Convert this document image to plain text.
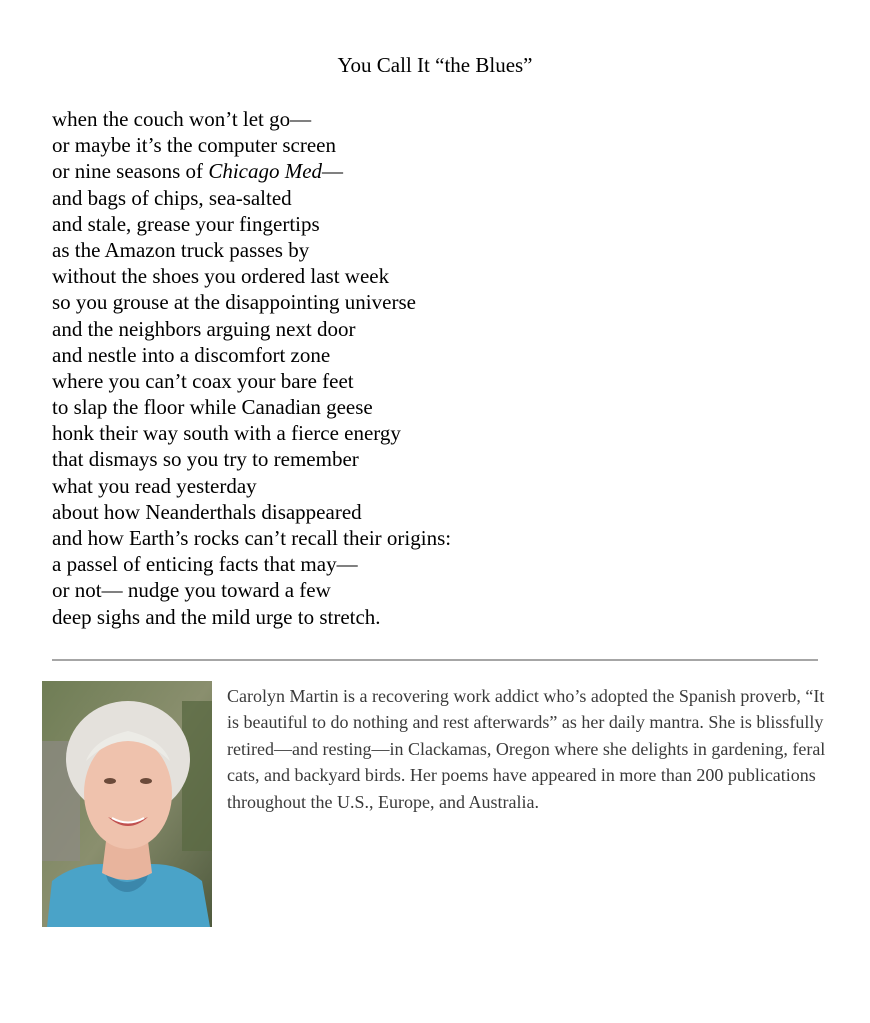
You Call It “the Blues”
when the couch won’t let go—
or maybe it’s the computer screen
or nine seasons of Chicago Med—
and bags of chips, sea-salted
and stale, grease your fingertips
as the Amazon truck passes by
without the shoes you ordered last week
so you grouse at the disappointing universe
and the neighbors arguing next door
and nestle into a discomfort zone
where you can’t coax your bare feet
to slap the floor while Canadian geese
honk their way south with a fierce energy
that dismays so you try to remember
what you read yesterday
about how Neanderthals disappeared
and how Earth’s rocks can’t recall their origins:
a passel of enticing facts that may—
or not— nudge you toward a few
deep sighs and the mild urge to stretch.
Carolyn Martin is a recovering work addict who’s adopted the Spanish proverb, “It is beautiful to do nothing and rest afterwards” as her daily mantra. She is blissfully retired—and resting—in Clackamas, Oregon where she delights in gardening, feral cats, and backyard birds. Her poems have appeared in more than 200 publications throughout the U.S., Europe, and Australia.
